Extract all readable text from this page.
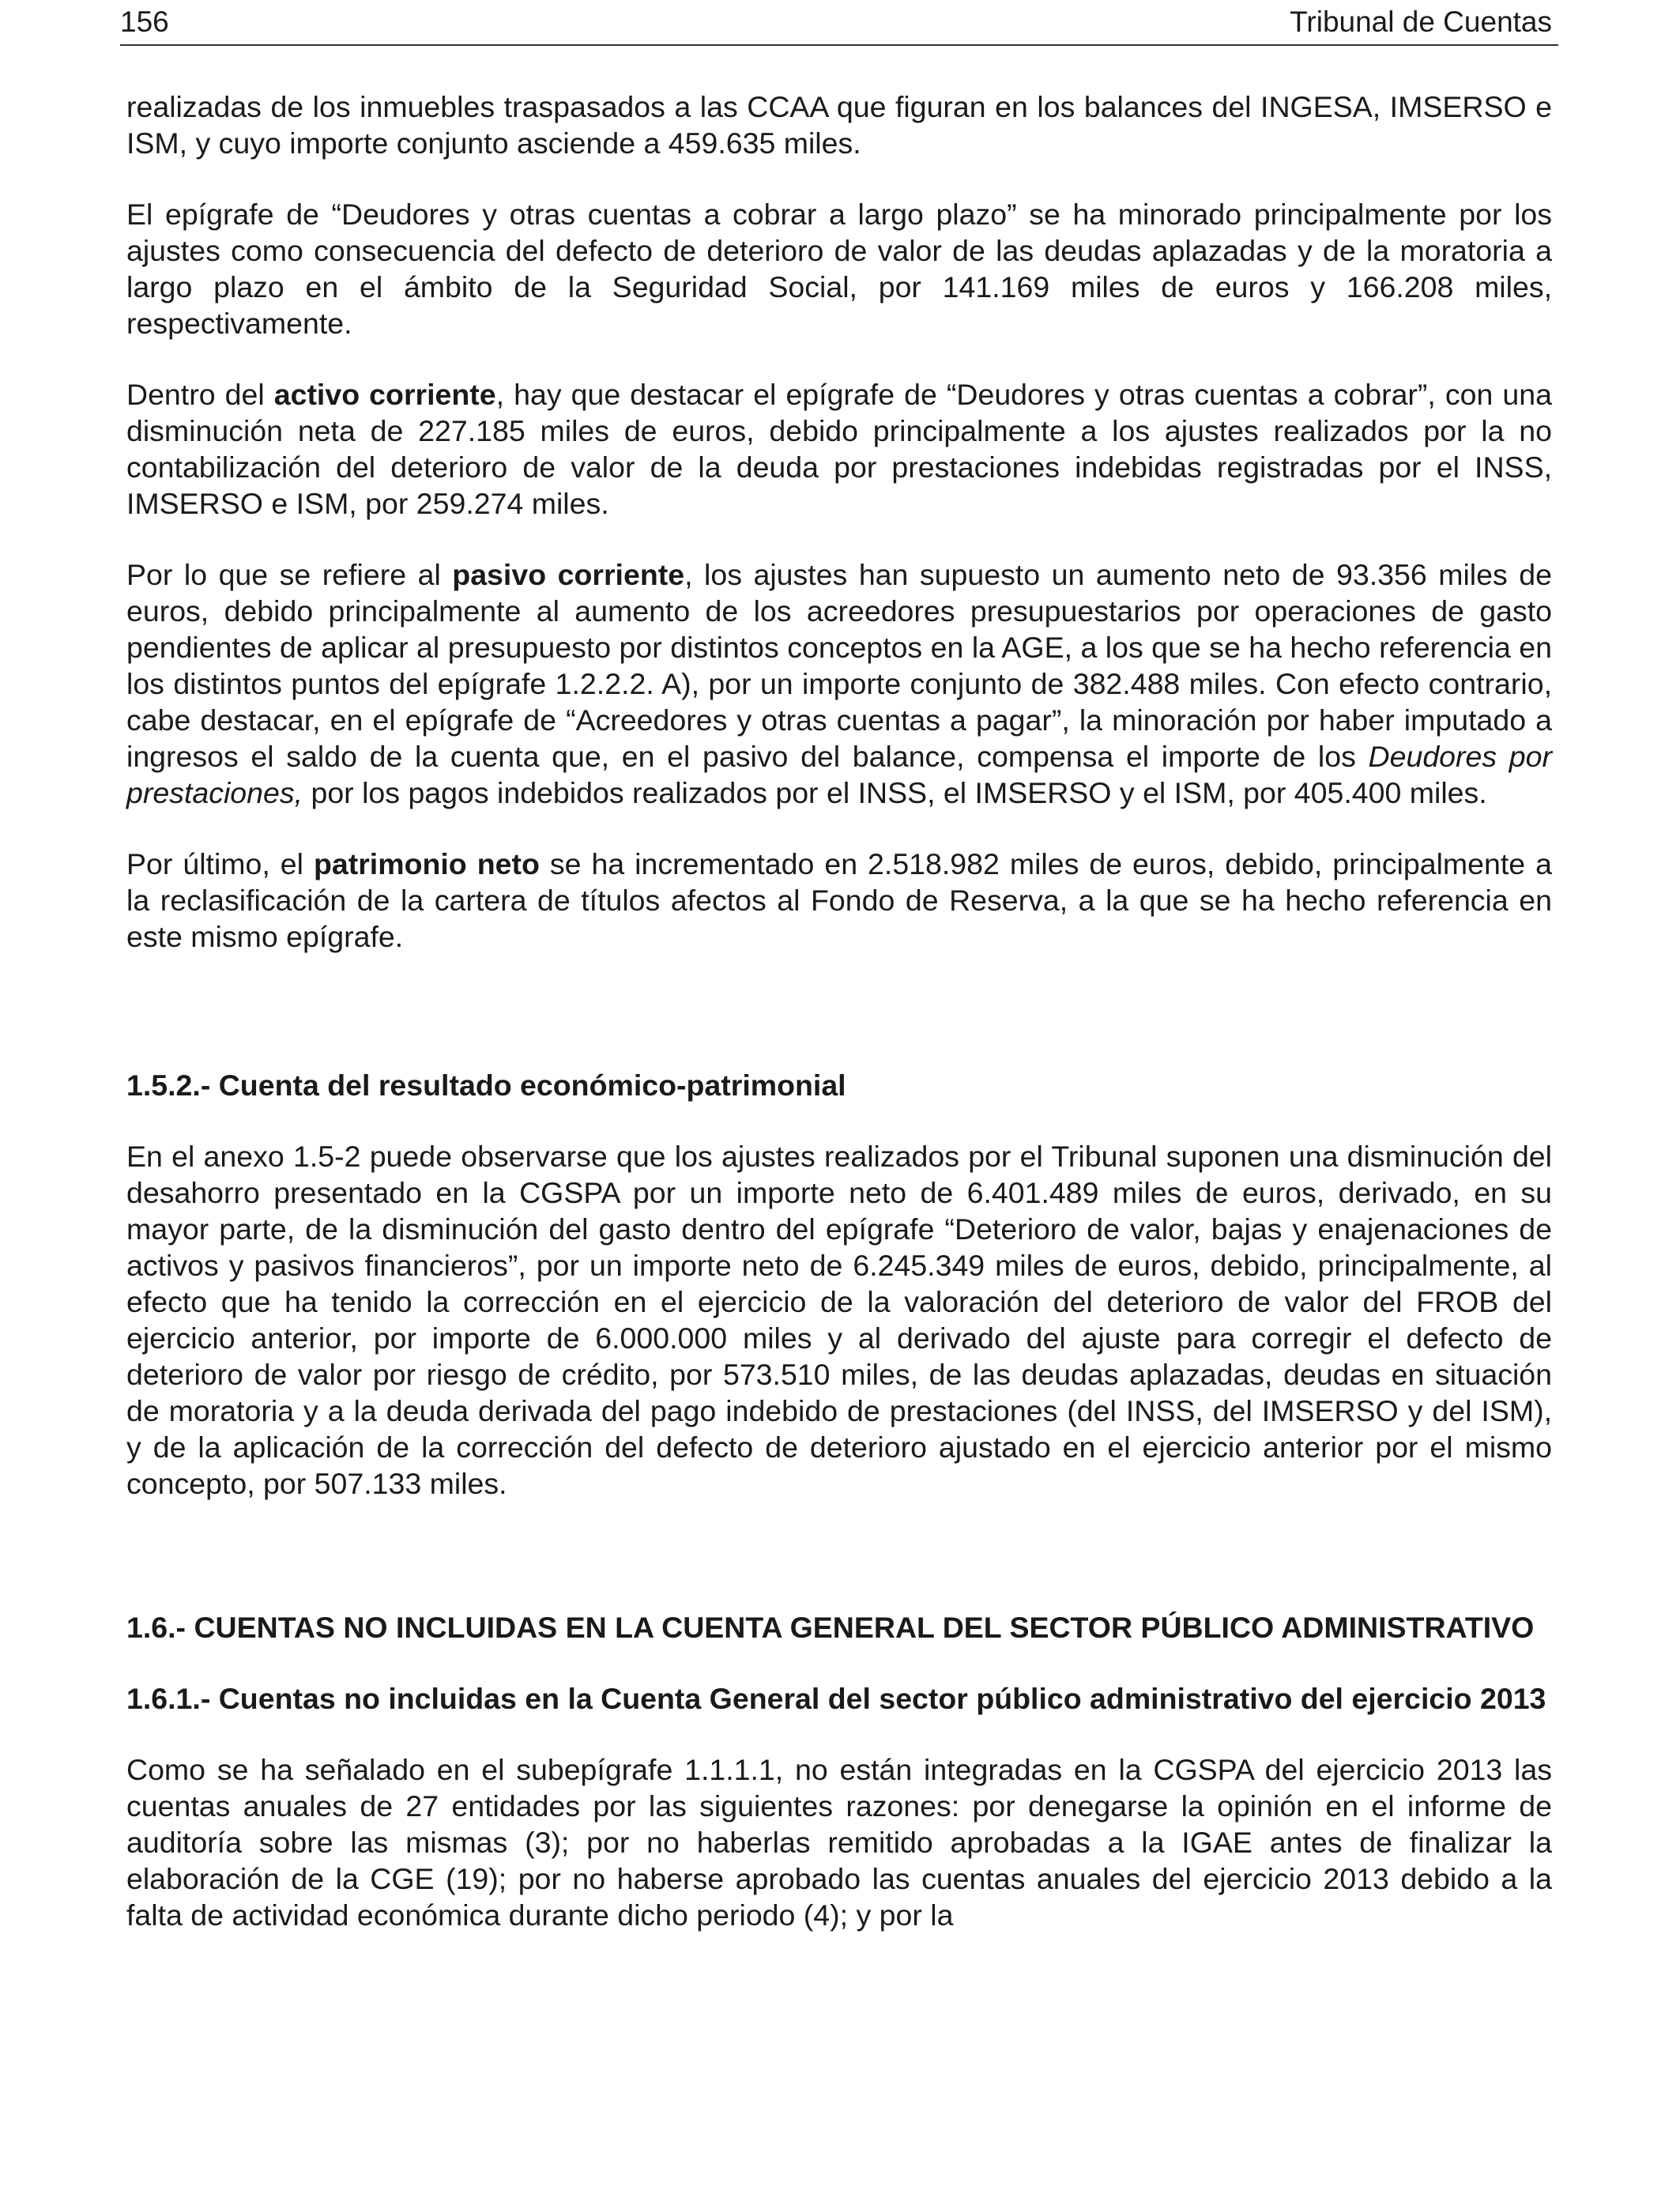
156	Tribunal de Cuentas

realizadas de los inmuebles traspasados a las CCAA que figuran en los balances del INGESA, IMSERSO e ISM, y cuyo importe conjunto asciende a 459.635 miles.

El epígrafe de “Deudores y otras cuentas a cobrar a largo plazo” se ha minorado principalmente por los ajustes como consecuencia del defecto de deterioro de valor de las deudas aplazadas y de la moratoria a largo plazo en el ámbito de la Seguridad Social, por 141.169 miles de euros y 166.208 miles, respectivamente.

Dentro del activo corriente, hay que destacar el epígrafe de “Deudores y otras cuentas a cobrar”, con una disminución neta de 227.185 miles de euros, debido principalmente a los ajustes realizados por la no contabilización del deterioro de valor de la deuda por prestaciones indebidas registradas por el INSS, IMSERSO e ISM, por 259.274 miles.

Por lo que se refiere al pasivo corriente, los ajustes han supuesto un aumento neto de 93.356 miles de euros, debido principalmente al aumento de los acreedores presupuestarios por operaciones de gasto pendientes de aplicar al presupuesto por distintos conceptos en la AGE, a los que se ha hecho referencia en los distintos puntos del epígrafe 1.2.2.2. A), por un importe conjunto de 382.488 miles. Con efecto contrario, cabe destacar, en el epígrafe de “Acreedores y otras cuentas a pagar”, la minoración por haber imputado a ingresos el saldo de la cuenta que, en el pasivo del balance, compensa el importe de los Deudores por prestaciones, por los pagos indebidos realizados por el INSS, el IMSERSO y el ISM, por 405.400 miles.

Por último, el patrimonio neto se ha incrementado en 2.518.982 miles de euros, debido, principalmente a la reclasificación de la cartera de títulos afectos al Fondo de Reserva, a la que se ha hecho referencia en este mismo epígrafe.

1.5.2.- Cuenta del resultado económico-patrimonial

En el anexo 1.5-2 puede observarse que los ajustes realizados por el Tribunal suponen una disminución del desahorro presentado en la CGSPA por un importe neto de 6.401.489 miles de euros, derivado, en su mayor parte, de la disminución del gasto dentro del epígrafe “Deterioro de valor, bajas y enajenaciones de activos y pasivos financieros”, por un importe neto de 6.245.349 miles de euros, debido, principalmente, al efecto que ha tenido la corrección en el ejercicio de la valoración del deterioro de valor del FROB del ejercicio anterior, por importe de 6.000.000 miles y al derivado del ajuste para corregir el defecto de deterioro de valor por riesgo de crédito, por 573.510 miles, de las deudas aplazadas, deudas en situación de moratoria y a la deuda derivada del pago indebido de prestaciones (del INSS, del IMSERSO y del ISM), y de la aplicación de la corrección del defecto de deterioro ajustado en el ejercicio anterior por el mismo concepto, por 507.133 miles.

1.6.- CUENTAS NO INCLUIDAS EN LA CUENTA GENERAL DEL SECTOR PÚBLICO ADMINISTRATIVO

1.6.1.- Cuentas no incluidas en la Cuenta General del sector público administrativo del ejercicio 2013

Como se ha señalado en el subepígrafe 1.1.1.1, no están integradas en la CGSPA del ejercicio 2013 las cuentas anuales de 27 entidades por las siguientes razones: por denegarse la opinión en el informe de auditoría sobre las mismas (3); por no haberlas remitido aprobadas a la IGAE antes de finalizar la elaboración de la CGE (19); por no haberse aprobado las cuentas anuales del ejercicio 2013 debido a la falta de actividad económica durante dicho periodo (4); y por la
